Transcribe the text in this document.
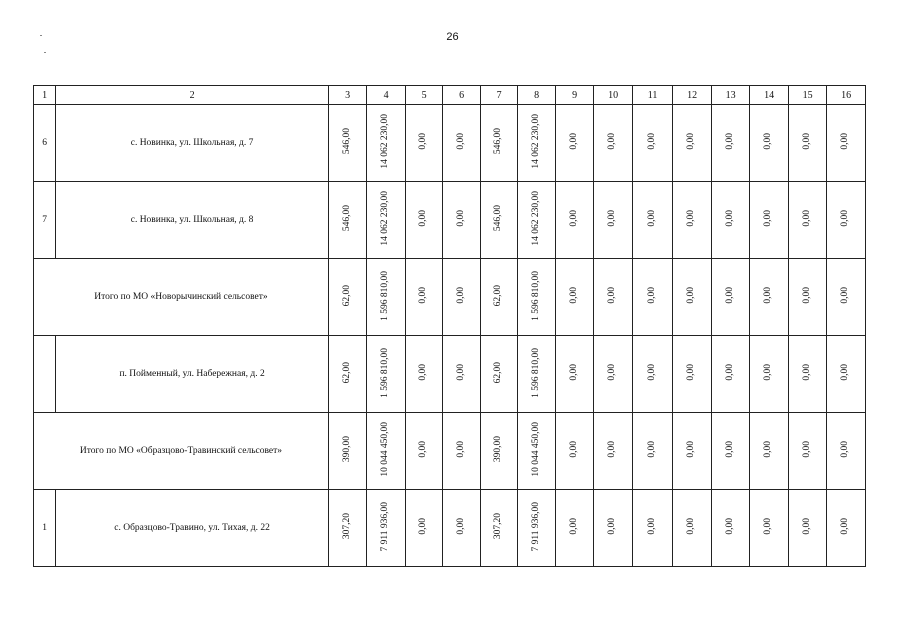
26
1	2	3	4	5	6	7	8	9	10	11	12	13	14	15	16
6	с. Новинка, ул. Школьная, д. 7	546,00	14 062 230,00	0,00	0,00	546,00	14 062 230,00	0,00	0,00	0,00	0,00	0,00	0,00	0,00	0,00
7	с. Новинка, ул. Школьная, д. 8	546,00	14 062 230,00	0,00	0,00	546,00	14 062 230,00	0,00	0,00	0,00	0,00	0,00	0,00	0,00	0,00
Итого по МО «Новорычинский сельсовет»		62,00	1 596 810,00	0,00	0,00	62,00	1 596 810,00	0,00	0,00	0,00	0,00	0,00	0,00	0,00	0,00
	п. Пойменный, ул. Набережная, д. 2	62,00	1 596 810,00	0,00	0,00	62,00	1 596 810,00	0,00	0,00	0,00	0,00	0,00	0,00	0,00	0,00
Итого по МО «Образцово-Травинский сельсовет»		390,00	10 044 450,00	0,00	0,00	390,00	10 044 450,00	0,00	0,00	0,00	0,00	0,00	0,00	0,00	0,00
1	с. Образцово-Травино, ул. Тихая, д. 22	307,20	7 911 936,00	0,00	0,00	307,20	7 911 936,00	0,00	0,00	0,00	0,00	0,00	0,00	0,00	0,00
